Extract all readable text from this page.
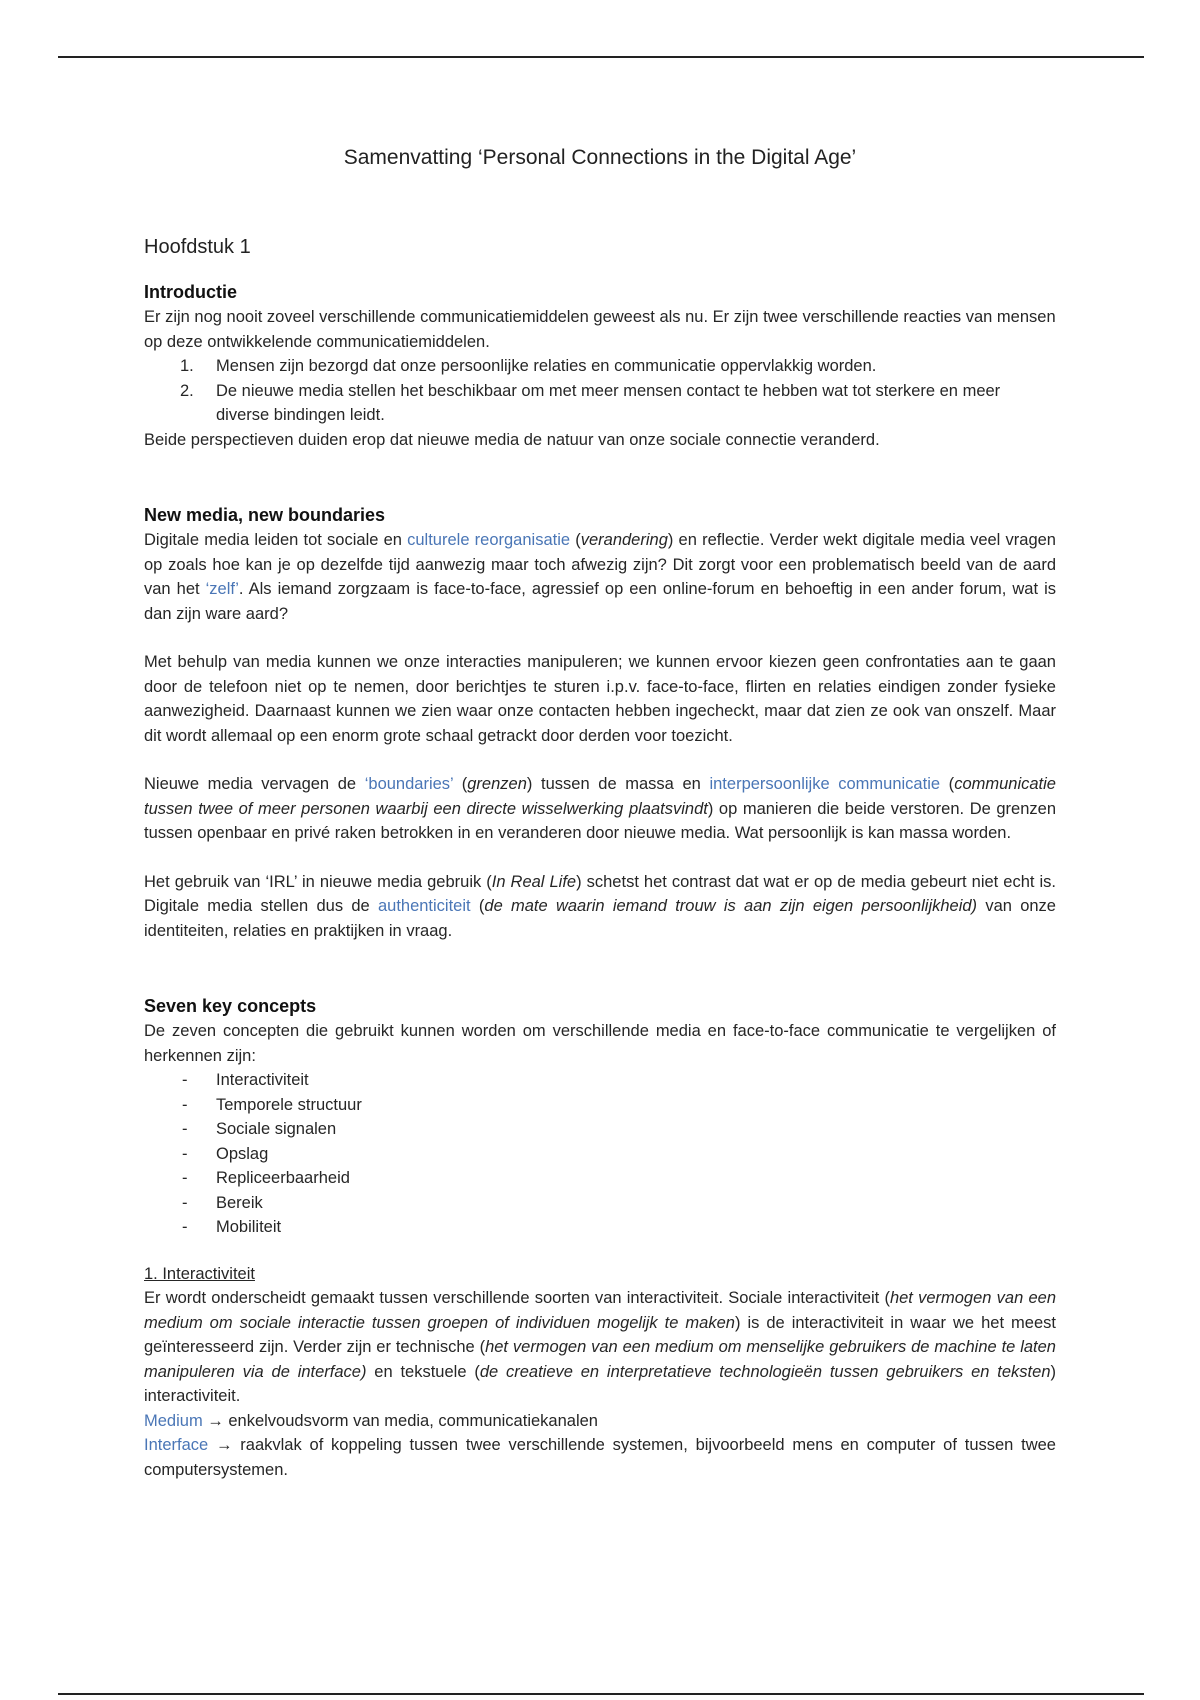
Samenvatting ‘Personal Connections in the Digital Age’
Hoofdstuk 1
Introductie

Er zijn nog nooit zoveel verschillende communicatiemiddelen geweest als nu. Er zijn twee verschillende reacties van mensen op deze ontwikkelende communicatiemiddelen.

1. Mensen zijn bezorgd dat onze persoonlijke relaties en communicatie oppervlakkig worden.
2. De nieuwe media stellen het beschikbaar om met meer mensen contact te hebben wat tot sterkere en meer diverse bindingen leidt.

Beide perspectieven duiden erop dat nieuwe media de natuur van onze sociale connectie veranderd.

New media, new boundaries

Digitale media leiden tot sociale en culturele reorganisatie (verandering) en reflectie. Verder wekt digitale media veel vragen op zoals hoe kan je op dezelfde tijd aanwezig maar toch afwezig zijn? Dit zorgt voor een problematisch beeld van de aard van het ‘zelf’. Als iemand zorgzaam is face-to-face, agressief op een online-forum en behoeftig in een ander forum, wat is dan zijn ware aard?

Met behulp van media kunnen we onze interacties manipuleren; we kunnen ervoor kiezen geen confrontaties aan te gaan door de telefoon niet op te nemen, door berichtjes te sturen i.p.v. face-to-face, flirten en relaties eindigen zonder fysieke aanwezigheid. Daarnaast kunnen we zien waar onze contacten hebben ingecheckt, maar dat zien ze ook van onszelf. Maar dit wordt allemaal op een enorm grote schaal getrackt door derden voor toezicht.

Nieuwe media vervagen de ‘boundaries’ (grenzen) tussen de massa en interpersoonlijke communicatie (communicatie tussen twee of meer personen waarbij een directe wisselwerking plaatsvindt) op manieren die beide verstoren. De grenzen tussen openbaar en privé raken betrokken in en veranderen door nieuwe media. Wat persoonlijk is kan massa worden.

Het gebruik van ‘IRL’ in nieuwe media gebruik (In Real Life) schetst het contrast dat wat er op de media gebeurt niet echt is. Digitale media stellen dus de authenticiteit (de mate waarin iemand trouw is aan zijn eigen persoonlijkheid) van onze identiteiten, relaties en praktijken in vraag.

Seven key concepts

De zeven concepten die gebruikt kunnen worden om verschillende media en face-to-face communicatie te vergelijken of herkennen zijn:

- Interactiviteit
- Temporele structuur
- Sociale signalen
- Opslag
- Repliceerbaarheid
- Bereik
- Mobiliteit
1. Interactiviteit

Er wordt onderscheidt gemaakt tussen verschillende soorten van interactiviteit. Sociale interactiviteit (het vermogen van een medium om sociale interactie tussen groepen of individuen mogelijk te maken) is de interactiviteit in waar we het meest geïnteresseerd zijn. Verder zijn er technische (het vermogen van een medium om menselijke gebruikers de machine te laten manipuleren via de interface) en tekstuele (de creatieve en interpretatieve technologieën tussen gebruikers en teksten) interactiviteit.

Medium → enkelvoudsvorm van media, communicatiekanalen

Interface → raakvlak of koppeling tussen twee verschillende systemen, bijvoorbeeld mens en computer of tussen twee computersystemen.
